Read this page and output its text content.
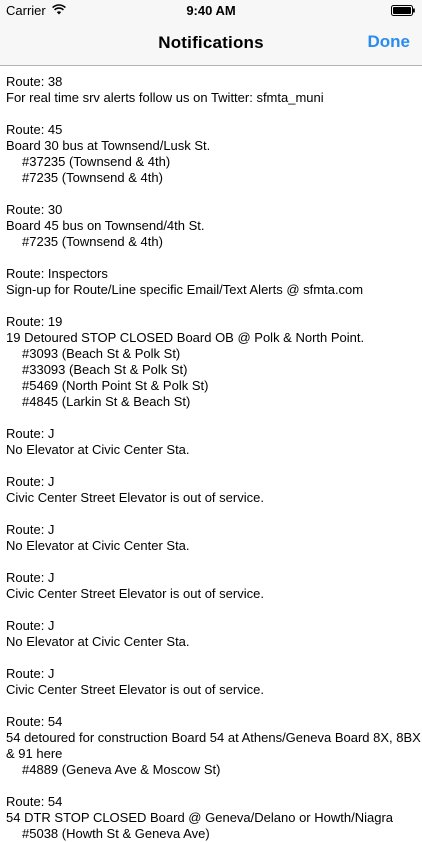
Carrier	9:40 AM
Notifications	Done
Route: 38
For real time srv alerts follow us on Twitter: sfmta_muni
Route: 45
Board 30 bus at Townsend/Lusk St.
#37235 (Townsend & 4th)
#7235 (Townsend & 4th)
Route: 30
Board 45 bus on Townsend/4th St.
#7235 (Townsend & 4th)
Route: Inspectors
Sign-up for Route/Line specific Email/Text Alerts @ sfmta.com
Route: 19
19 Detoured STOP CLOSED Board OB @ Polk & North Point.
#3093 (Beach St & Polk St)
#33093 (Beach St & Polk St)
#5469 (North Point St & Polk St)
#4845 (Larkin St & Beach St)
Route: J
No Elevator at Civic Center Sta.
Route: J
Civic Center Street Elevator is out of service.
Route: J
No Elevator at Civic Center Sta.
Route: J
Civic Center Street Elevator is out of service.
Route: J
No Elevator at Civic Center Sta.
Route: J
Civic Center Street Elevator is out of service.
Route: 54
54 detoured for construction Board 54 at Athens/Geneva Board 8X, 8BX & 91 here
#4889 (Geneva Ave & Moscow St)
Route: 54
54 DTR STOP CLOSED Board @ Geneva/Delano or Howth/Niagra
#5038 (Howth St & Geneva Ave)
